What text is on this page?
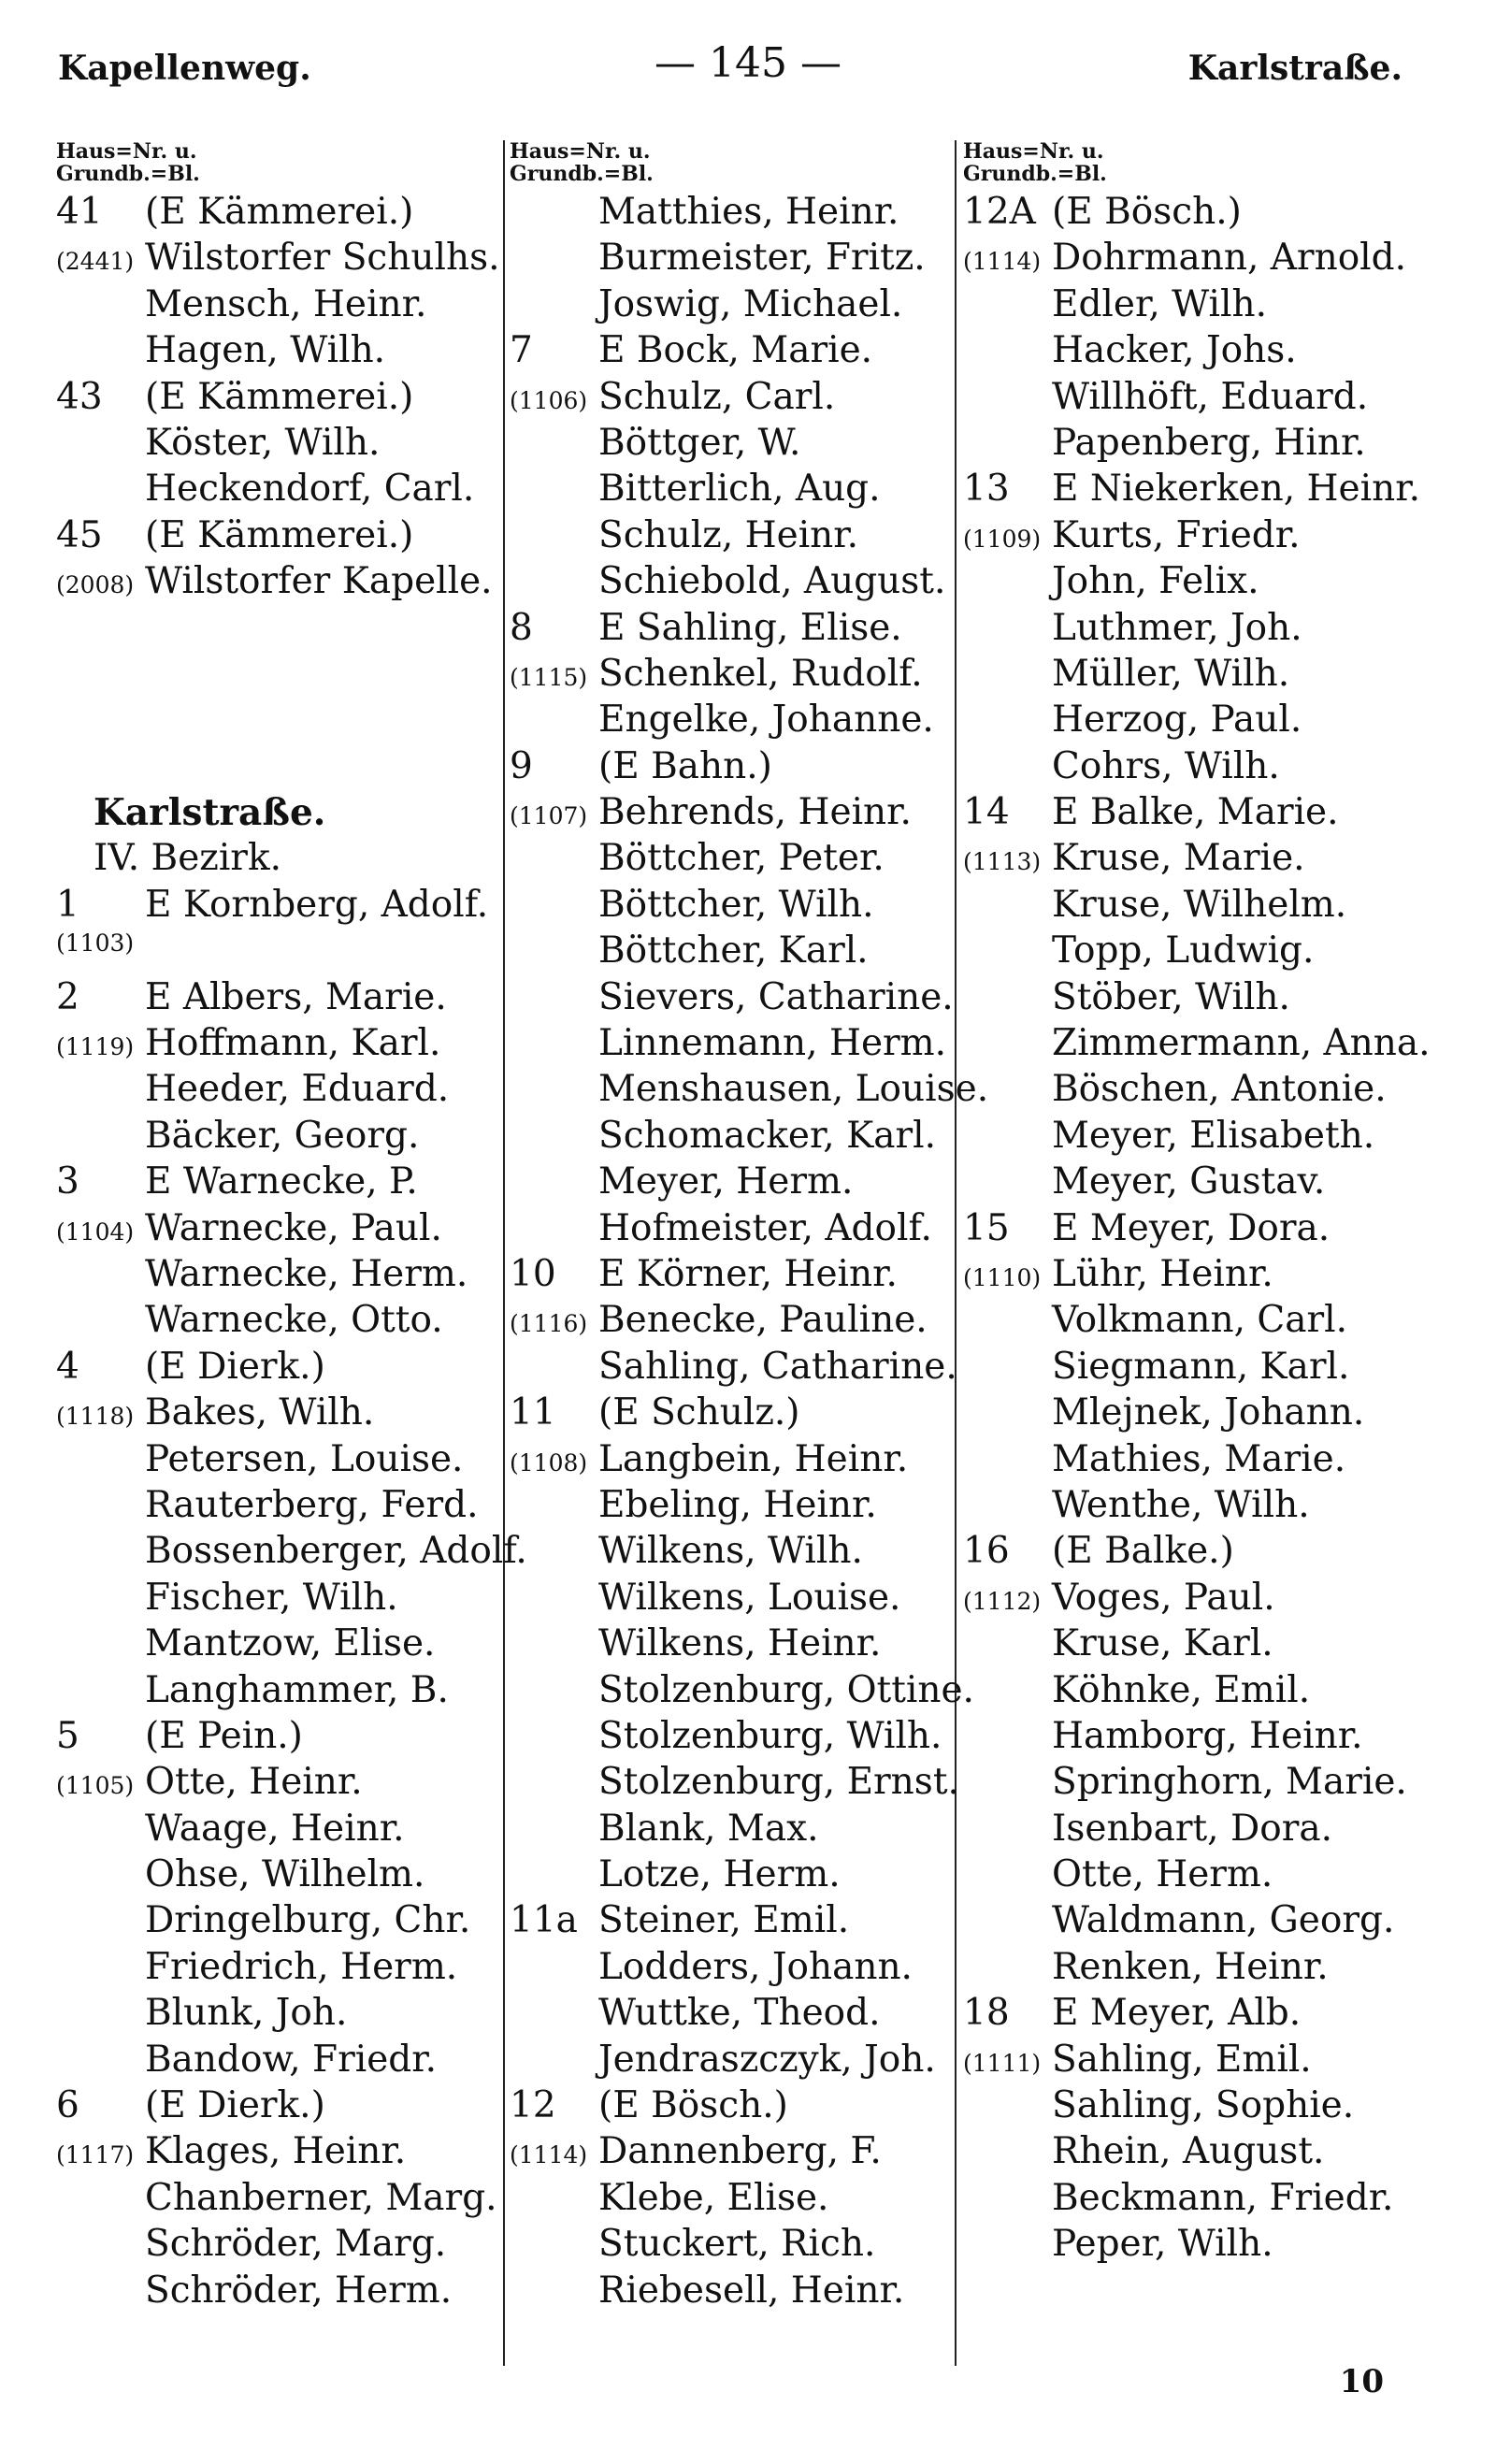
Kapellenweg.	— 145 —	Karlstraße.
Haus=Nr. u.
Grundb.=Bl.
41	(E Kämmerei.)
(2441) Wilstorfer Schulhs.
Mensch, Heinr.
Hagen, Wilh.
43	(E Kämmerei.)
Köster, Wilh.
Heckendorf, Carl.
45	(E Kämmerei.)
(2008) Wilstorfer Kapelle.
Karlstraße.
IV. Bezirk.
1	E Kornberg, Adolf.
(1103)
2	E Albers, Marie.
(1119) Hoffmann, Karl.
Heeder, Eduard.
Bäcker, Georg.
3	E Warnecke, P.
(1104) Warnecke, Paul.
Warnecke, Herm.
Warnecke, Otto.
4	(E Dierk.)
(1118) Bakes, Wilh.
Petersen, Louise.
Rauterberg, Ferd.
Bossenberger, Adolf.
Fischer, Wilh.
Mantzow, Elise.
Langhammer, B.
5	(E Pein.)
(1105) Otte, Heinr.
Waage, Heinr.
Ohse, Wilhelm.
Dringelburg, Chr.
Friedrich, Herm.
Blunk, Joh.
Bandow, Friedr.
6	(E Dierk.)
(1117) Klages, Heinr.
Chanberner, Marg.
Schröder, Marg.
Schröder, Herm.
Haus=Nr. u.
Grundb.=Bl.
Matthies, Heinr.
Burmeister, Fritz.
Joswig, Michael.
7	E Bock, Marie.
(1106) Schulz, Carl.
Böttger, W.
Bitterlich, Aug.
Schulz, Heinr.
Schiebold, August.
8	E Sahling, Elise.
(1115) Schenkel, Rudolf.
Engelke, Johanne.
9	(E Bahn.)
(1107) Behrends, Heinr.
Böttcher, Peter.
Böttcher, Wilh.
Böttcher, Karl.
Sievers, Catharine.
Linnemann, Herm.
Menshausen, Louise.
Schomacker, Karl.
Meyer, Herm.
Hofmeister, Adolf.
10	E Körner, Heinr.
(1116) Benecke, Pauline.
Sahling, Catharine.
11	(E Schulz.)
(1108) Langbein, Heinr.
Ebeling, Heinr.
Wilkens, Wilh.
Wilkens, Louise.
Wilkens, Heinr.
Stolzenburg, Ottine.
Stolzenburg, Wilh.
Stolzenburg, Ernst.
Blank, Max.
Lotze, Herm.
11a Steiner, Emil.
Lodders, Johann.
Wuttke, Theod.
Jendraszczyk, Joh.
12	(E Bösch.)
(1114) Dannenberg, F.
Klebe, Elise.
Stuckert, Rich.
Riebesell, Heinr.
Haus=Nr. u.
Grundb.=Bl.
12A (E Bösch.)
(1114) Dohrmann, Arnold.
Edler, Wilh.
Hacker, Johs.
Willhöft, Eduard.
Papenberg, Hinr.
13	E Niekerken, Heinr.
(1109) Kurts, Friedr.
John, Felix.
Luthmer, Joh.
Müller, Wilh.
Herzog, Paul.
Cohrs, Wilh.
14	E Balke, Marie.
(1113) Kruse, Marie.
Kruse, Wilhelm.
Topp, Ludwig.
Stöber, Wilh.
Zimmermann, Anna.
Böschen, Antonie.
Meyer, Elisabeth.
Meyer, Gustav.
15	E Meyer, Dora.
(1110) Lühr, Heinr.
Volkmann, Carl.
Siegmann, Karl.
Mlejnek, Johann.
Mathies, Marie.
Wenthe, Wilh.
16	(E Balke.)
(1112) Voges, Paul.
Kruse, Karl.
Köhnke, Emil.
Hamborg, Heinr.
Springhorn, Marie.
Isenbart, Dora.
Otte, Herm.
Waldmann, Georg.
Renken, Heinr.
18	E Meyer, Alb.
(1111) Sahling, Emil.
Sahling, Sophie.
Rhein, August.
Beckmann, Friedr.
Peper, Wilh.
10
